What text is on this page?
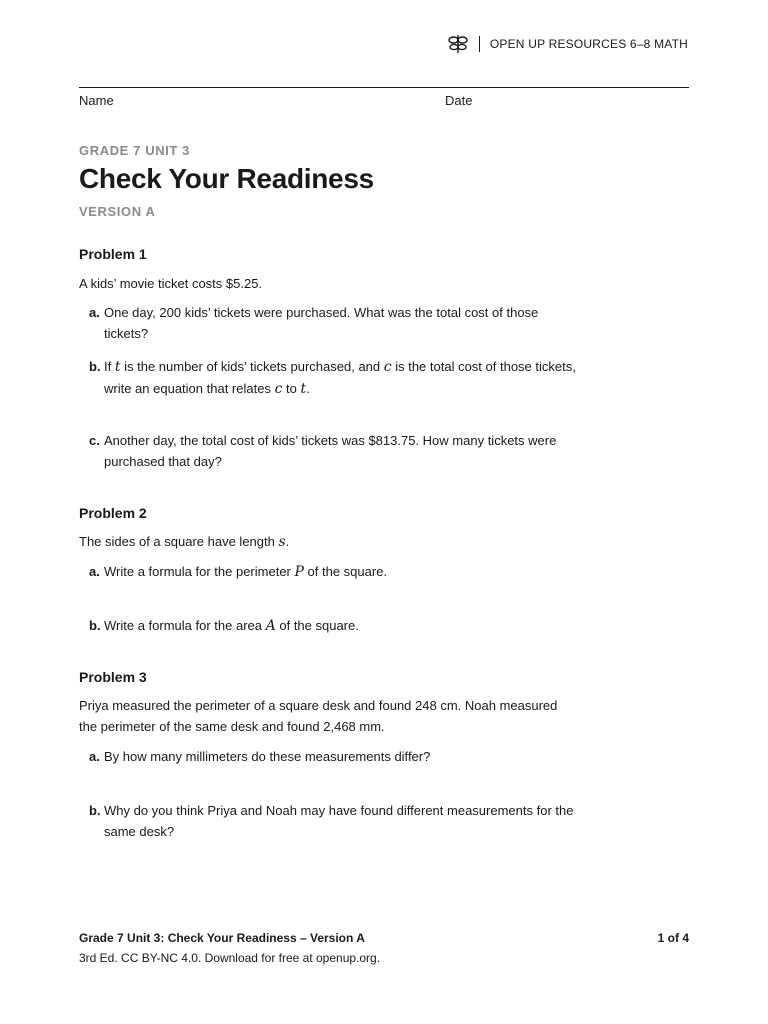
OPEN UP RESOURCES 6–8 MATH
Name	Date
GRADE 7 UNIT 3
Check Your Readiness
VERSION A
Problem 1
A kids’ movie ticket costs $5.25.
a. One day, 200 kids’ tickets were purchased. What was the total cost of those tickets?
b. If t is the number of kids’ tickets purchased, and c is the total cost of those tickets, write an equation that relates c to t.
c. Another day, the total cost of kids’ tickets was $813.75. How many tickets were purchased that day?
Problem 2
The sides of a square have length s.
a. Write a formula for the perimeter P of the square.
b. Write a formula for the area A of the square.
Problem 3
Priya measured the perimeter of a square desk and found 248 cm. Noah measured the perimeter of the same desk and found 2,468 mm.
a. By how many millimeters do these measurements differ?
b. Why do you think Priya and Noah may have found different measurements for the same desk?
Grade 7 Unit 3: Check Your Readiness – Version A	1 of 4
3rd Ed. CC BY-NC 4.0. Download for free at openup.org.
